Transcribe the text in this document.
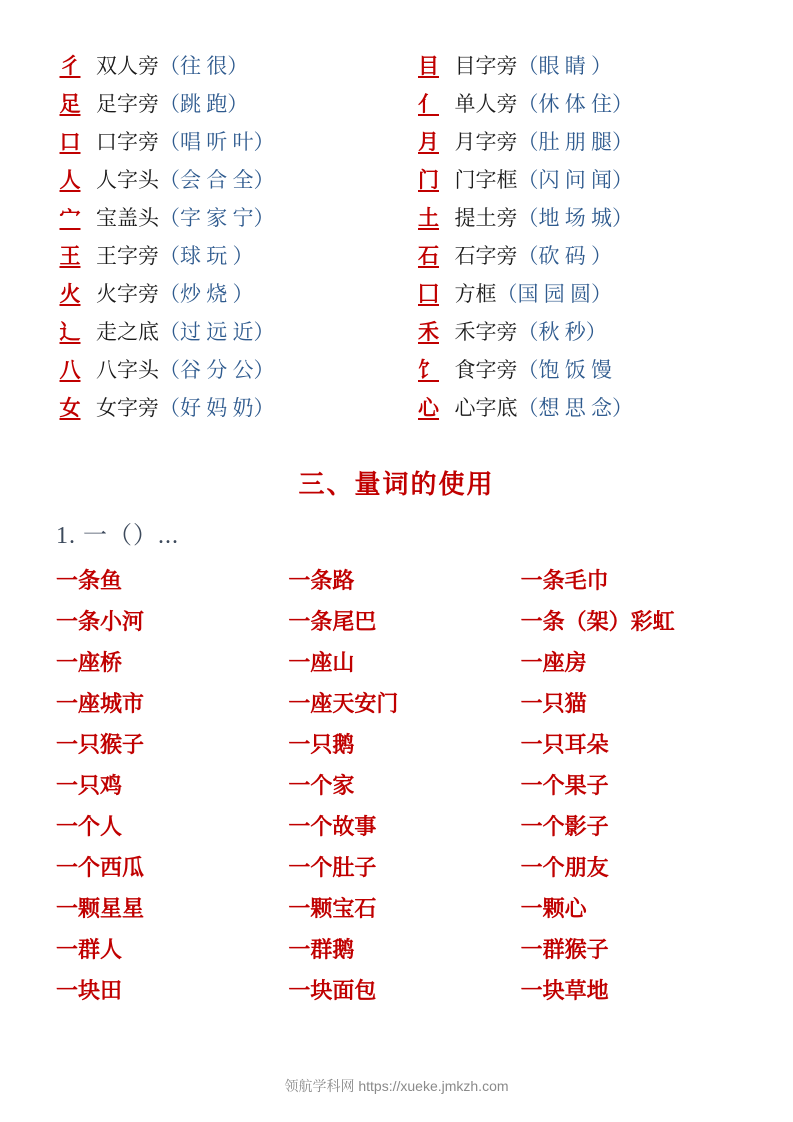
彳 双人旁 （往 很）
足 足字旁 （跳 跑）
口 口字旁 （唱 听 叶）
人 人字头 （会 合 全）
宀 宝盖头 （字 家 宁）
王 王字旁 （球 玩 ）
火 火字旁 （炒 烧 ）
辶 走之底 （过 远 近）
八 八字头 （谷 分 公）
女 女字旁 （好 妈 奶）
目 目字旁 （眼 睛 ）
亻 单人旁 （休 体 住）
月 月字旁 （肚 朋 腿）
门 门字框 （闪 问 闻）
土 提土旁 （地 场 城）
石 石字旁 （砍 码 ）
囗 方框 （国 园 圆）
禾 禾字旁 （秋 秒）
饣 食字旁 （饱 饭 馒
心 心字底 （想 思 念）
三、量词的使用
1. 一（）...
一条鱼	一条路	一条毛巾
一条小河	一条尾巴	一条（架）彩虹
一座桥	一座山	一座房
一座城市	一座天安门	一只猫
一只猴子	一只鹅	一只耳朵
一只鸡	一个家	一个果子
一个人	一个故事	一个影子
一个西瓜	一个肚子	一个朋友
一颗星星	一颗宝石	一颗心
一群人	一群鹅	一群猴子
一块田	一块面包	一块草地
领航学科网 https://xueke.jmkzh.com
